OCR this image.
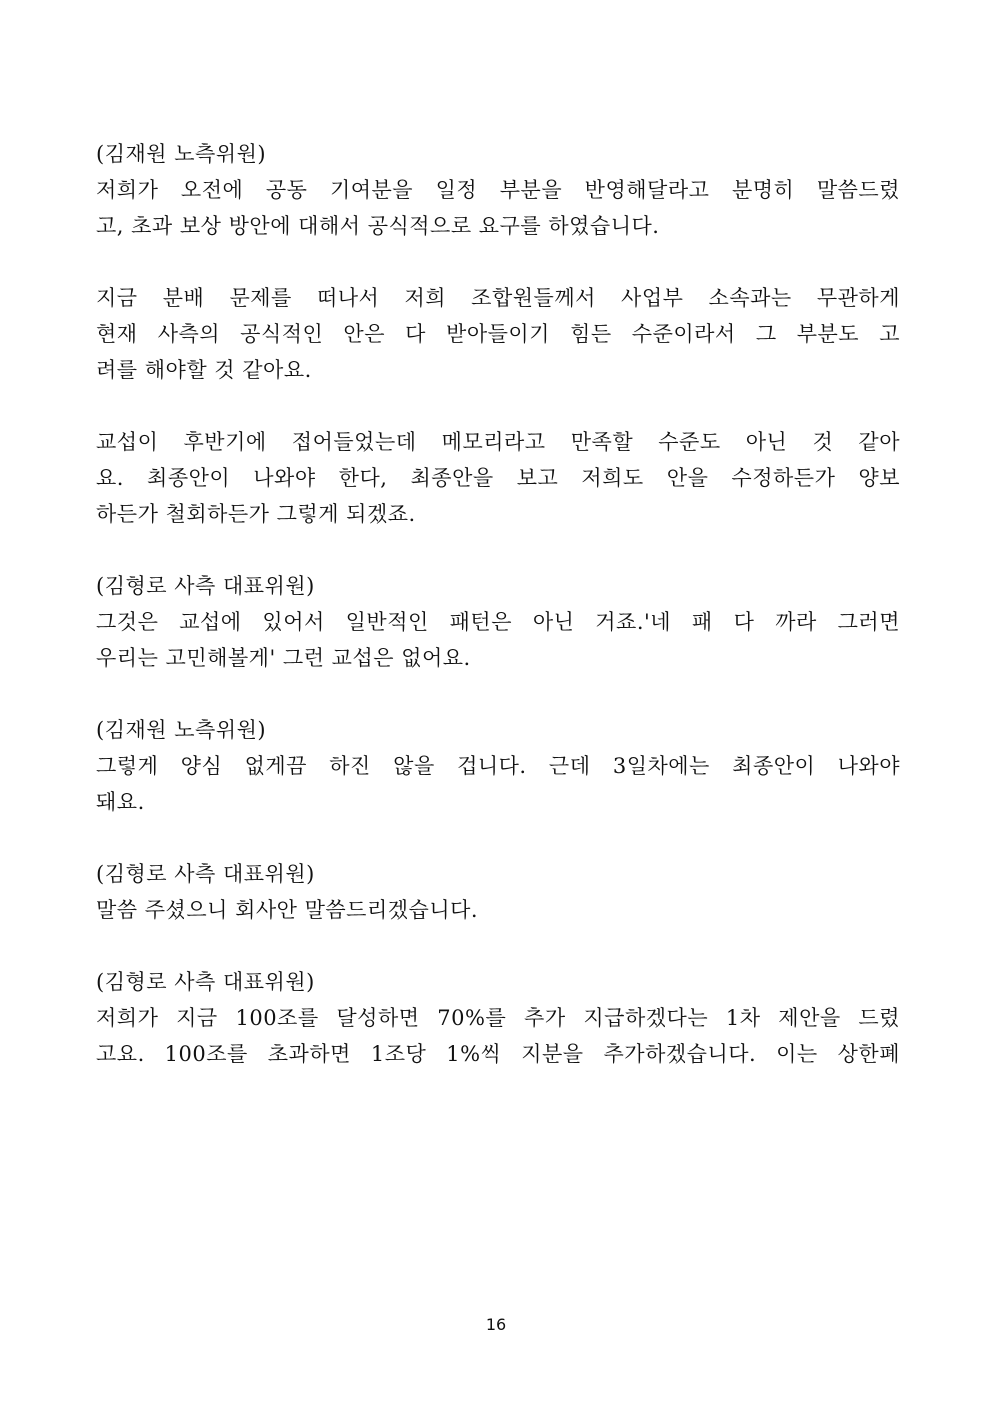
(김재원 노측위원)

저희가 오전에 공동 기여분을 일정 부분을 반영해달라고 분명히 말씀드렸
고, 초과 보상 방안에 대해서 공식적으로 요구를 하였습니다.
지금 분배 문제를 떠나서 저희 조합원들께서 사업부 소속과는 무관하게
현재 사측의 공식적인 안은 다 받아들이기 힘든 수준이라서 그 부분도 고
려를 해야할 것 같아요.
교섭이 후반기에 접어들었는데 메모리라고 만족할 수준도 아닌 것 같아
요. 최종안이 나와야 한다, 최종안을 보고 저희도 안을 수정하든가 양보
하든가 철회하든가 그렇게 되겠죠.

(김형로 사측 대표위원)

그것은 교섭에 있어서 일반적인 패턴은 아닌 거죠.'네 패 다 까라 그러면
우리는 고민해볼게' 그런 교섭은 없어요.

(김재원 노측위원)

그렇게 양심 없게끔 하진 않을 겁니다. 근데 3일차에는 최종안이 나와야
돼요.

(김형로 사측 대표위원)

말씀 주셨으니 회사안 말씀드리겠습니다.

(김형로 사측 대표위원)

저희가 지금 100조를 달성하면 70%를 추가 지급하겠다는 1차 제안을 드렸
고요. 100조를 초과하면 1조당 1%씩 지분을 추가하겠습니다. 이는 상한폐
16
